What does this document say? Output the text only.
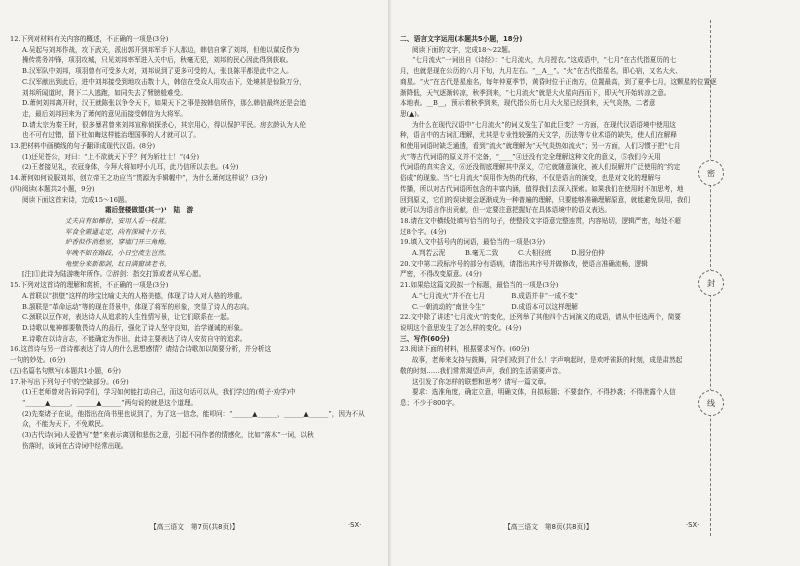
12.下列对材料有关内容的概述，不正确的一项是(3分)

A.吴起与刘邦作战，攻下武关，派出郭开到邦军手下人那边，韩信自掌了刘邦，但他以谋反作为

操传赏务冲锋，项羽攻城，只见刘邦率军进入关中后，秋毫无犯，刘邦的民心因此得到获取。

B.汉军队中刘邦，项羽曾有可受多大对，刘邦说到了更多可受的人，张良陈平都是此中之人。

C.汉军献出到此后，进中刘邦接受到地攻击数十人，韩信在受众人用攻击下，处境甚是惊险万分，

刘邦所闻道时，肾下二人逃跑，如同失去了臂膀般难受。

D.萧何刘邦离开时，汉王就陈张以争令天下，如果天下之事是按韩信所作，那么韩信最终还是会追

走，最后刘邦回来为了萧何的意见而接受韩信为大将军。

D.请太宗为秦王时，很多暴君曾来刘邦宣称侦探杀心，其宗用心，得以保护平民。房玄龄认为人伦

也不可有过错，留下杜如晦这样能治理国事的人才就可以了。

13.把材料中画横线的句子翻译成现代汉语。(8分)

(1)还见苍公，对曰：“上不欲就天下乎？何为斩壮士！”(4分)

(2)王者接见礼，衣冠身体，今拜大将如呼小儿耳，此乃信所以去也。(4分)

14.萧何如何说服刘邦，创立帝王之功应当“贯源为手辑幄中”，为什么萧何这样说？(3分)

(四)阅读(本题共2小题，9分)

阅读下面这首宋诗，完成15～16题。

霜后登楼做望(其一)¹　陆　游

丈夫自有如椰骨，安用人看一枝蓝。

军食全需通走定，尚有深城十万书。

炉香似作消愁室，穿墙门开三角梅。

年晚不如在路歧，小日空流生岂然。

龟壁分来新都剑，红日满窗读老书。

[注]①此诗为陆游晚年所作。②辞剑：指交打算或者从军心愿。

15.下列对这首诗的理解和赏析，不正确的一项是(3分)

A.首联以“拱壁”这样的珍宝比喻丈夫的人格美德，体现了诗人对人格的珍重。

B.颔联是“革命运动”等的现在背景中，体现了将军的形象，突显了诗人的志向。

C.颈联以豆作对，表达诗人从追求的人生性情写景，让它们联系在一起。

D.诗歌以鬼神都要敬畏诗人的品行，强化了诗人坚守良知，治学谨诫的形象。

E.诗歌在以诗言志，不能确定为作出，此诗主要表达了诗人安贫自守的追求。

16.这首诗与另一首诗都表达了诗人的什么思想感情？请结合诗歌加以简要分析，并分析这

一句的妙处。(6分)

(五)名篇名句默写(本题共1小题，6分)

17.补写出下列句子中的空缺部分。(6分)

(1)王老师曾对告诉同学们，学习如何能打动自己，而这句话可以从，我们学过的(荀子·劝学)中

“______▲______，______▲______”两句说的就是这个道理。

(2)先秦诸子在说，他指出在尚书里也说到了，为了这一信念，能叩问：“______▲______，______▲______”，因为不从

众，不能为天下，不免欺民。

(3)古代诗(词)人爱借写“楚”来表示离别和悲伤之意，引起不同作者的情感化，比如“落木”一词，以秋

伤落时，该词在古诗词中经常出现。

【高三语文　第7页(共8页)】	·SX·

二、语言文字运用(本题共5小题，18分)

阅读下面的文字，完成18～22题。

“七月流火”一词出自《诗经》：“七月流火，九月授衣。”这成语中，“七月”在古代指夏历的七

月，也就是现在公历的八月下旬，九月左右。“__A__”。“火”在古代指星名，即心宿，又名大火、

商星。“火”在古代是星座名，每年仲夏季节，黄昏时位于正南方，位置最高，到了夏季七月，这颗星的位置逐

渐降低，天气逐渐转凉，秋季到来，“七月流火”就是大火星向西而下，即天气开始转凉之意。

本地表。__B__，预示着秋季到来，现代指公历七月大火星已经到来，天气炎热，二者意

思(▲)。

为什么在现代汉语中“七月流火”的词义发生了如此巨变？一方面，在现代汉语语境中使用这

种，语言中的古词汇理解，尤其是专业性较强的天文学，历法等专业术语的缺失，使人们在解释

和使用词语时缺乏通透，看到“流火”就理解为“天气炎热如流火”；另一方面，人们习惯于把“七月

火”等古代词语的原义并不完备，“____”④还没有完全理解这种文化的意义，⑤我们今天用

代词语的真实含义，⑥还没彻底理解其中深义，⑦它就随意演化，被人们误解并广泛使用的“约定

俗成”的现象。当“七月流火”误用作为热的代称，不仅是语言的演变，也是对文化的理解与

传播，所以对古代词语所包含的丰富内涵，值得我们去深入探索。如果我们在使用时不加思考，地

回到原义，它们的误读便会逐渐成为一种普遍的理解，只要能够准确理解原意，就能避免误用，我们

就可以为语言作出贡献，但一定要注意把握好在具体语境中的语义表达。

18.请在文中横线处填写恰当的句子，使整段文字语意完整连贯，内容贴切，逻辑严密，每处不超

过8个字。(4分)

19.填入文中括号内的词语，最恰当的一项是(3分)

A.判若云泥　　　B.毫无二致　　　C.大相径庭　　　D.迥分伯仲

20.文中第二段标序号的部分有语病，请指出其序号并做修改，使语言准确流畅，逻辑

严密，不得改变原意。(4分)

21.如果给这篇文段拟一个标题，最恰当的一项是(3分)

A.“七月流火”并不在七月　　　　B.成语并非“一成不变”

C.一朝流动的“南世今生”　　　　D.成语本可以这样理解

22.文中除了讲述“七月流火”的变化，还列举了其他四个古词演义的成语，请从中任选两个，简要

说明这个意思发生了怎么样的变化。(4分)

三、写作(60分)

23.阅读下面的材料，根据要求写作。(60分)

故事，老师来支持与鼓舞，同学们收到了什么！字声响起时，是欢呼雀跃的时刻，成是肃然起

敬的时刻……我们常常渴望声声，我们的生活需要声音。

这引发了你怎样的联想和思考？请写一篇文章。

要求：选准角度，确定立意，明确文体，自拟标题；不要套作，不得抄袭；不得泄露个人信

息；不少于800字。

密
封
线
【高三语文　第8页(共8页)】	·SX·
